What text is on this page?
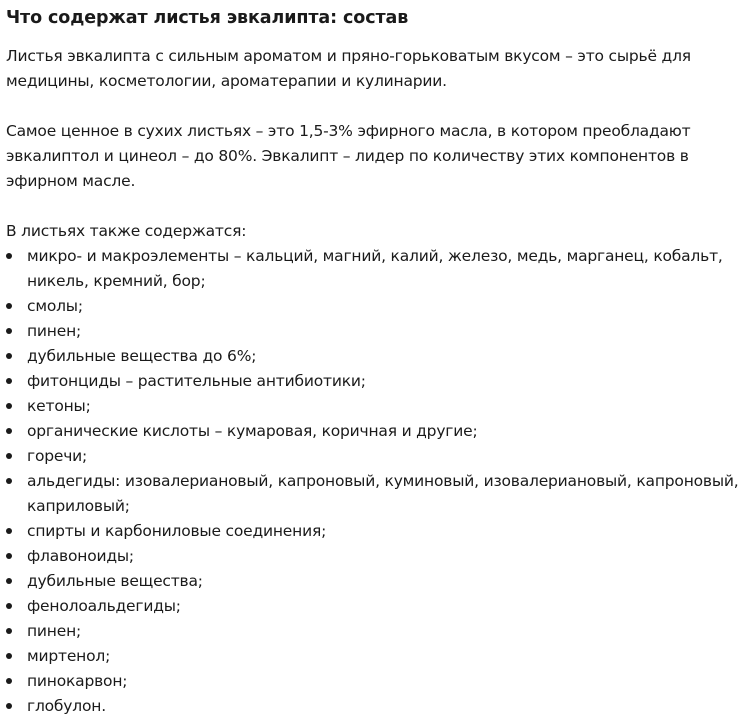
Что содержат листья эвкалипта: состав

Листья эвкалипта с сильным ароматом и пряно-горьковатым вкусом – это сырьё для медицины, косметологии, ароматерапии и кулинарии.

Самое ценное в сухих листьях – это 1,5-3% эфирного масла, в котором преобладают эвкалиптол и цинеол – до 80%. Эвкалипт – лидер по количеству этих компонентов в эфирном масле.

В листьях также содержатся:

микро- и макроэлементы – кальций, магний, калий, железо, медь, марганец, кобальт, никель, кремний, бор;
смолы;
пинен;
дубильные вещества до 6%;
фитонциды – растительные антибиотики;
кетоны;
органические кислоты – кумаровая, коричная и другие;
горечи;
альдегиды: изовалериановый, капроновый, куминовый, изовалериановый, капроновый, каприловый;
спирты и карбониловые соединения;
флавоноиды;
дубильные вещества;
фенолоальдегиды;
пинен;
миртенол;
пинокарвон;
глобулон.
